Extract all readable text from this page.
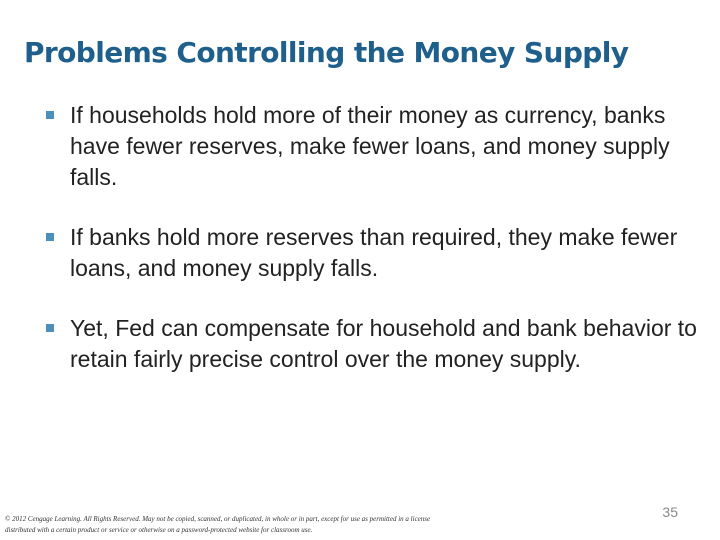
Problems Controlling the Money Supply
If households hold more of their money as currency, banks have fewer reserves, make fewer loans, and money supply falls.
If banks hold more reserves than required, they make fewer loans, and money supply falls.
Yet, Fed can compensate for household and bank behavior to retain fairly precise control over the money supply.
© 2012 Cengage Learning. All Rights Reserved. May not be copied, scanned, or duplicated, in whole or in part, except for use as permitted in a license distributed with a certain product or service or otherwise on a password-protected website for classroom use.
35
